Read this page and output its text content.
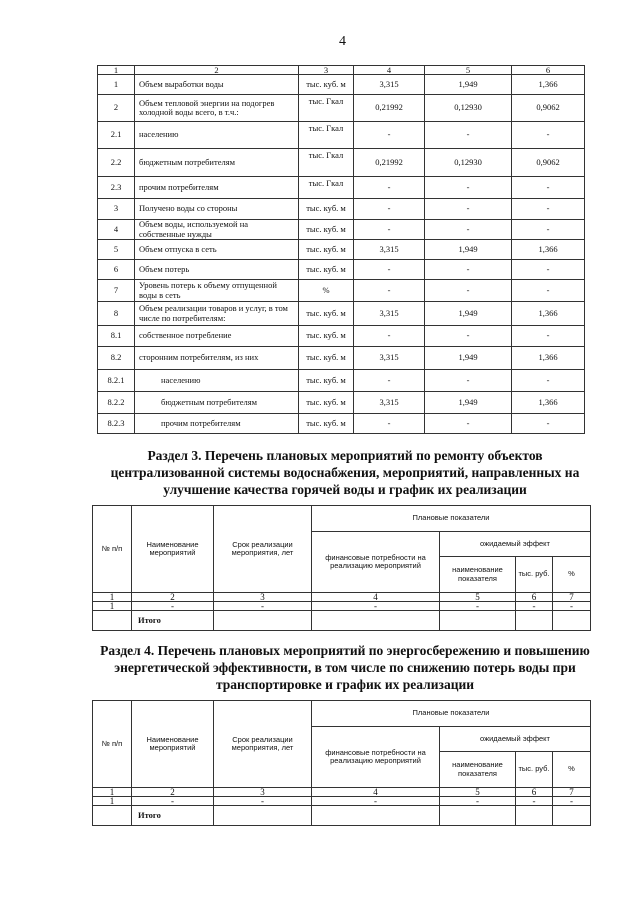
4
1	2	3	4	5	6
1	Объем выработки воды	тыс. куб. м	3,315	1,949	1,366
2	Объем тепловой энергии на подогрев холодной воды всего, в т.ч.:	тыс. Гкал	0,21992	0,12930	0,9062
2.1	населению	тыс. Гкал	-	-	-
2.2	бюджетным потребителям	тыс. Гкал	0,21992	0,12930	0,9062
2.3	прочим потребителям	тыс. Гкал	-	-	-
3	Получено воды со стороны	тыс. куб. м	-	-	-
4	Объем воды, используемой на собственные нужды	тыс. куб. м	-	-	-
5	Объем отпуска в сеть	тыс. куб. м	3,315	1,949	1,366
6	Объем потерь	тыс. куб. м	-	-	-
7	Уровень потерь к объему отпущенной воды в сеть	%	-	-	-
8	Объем реализации товаров и услуг, в том числе по потребителям:	тыс. куб. м	3,315	1,949	1,366
8.1	собственное потребление	тыс. куб. м	-	-	-
8.2	сторонним потребителям, из них	тыс. куб. м	3,315	1,949	1,366
8.2.1	населению	тыс. куб. м	-	-	-
8.2.2	бюджетным потребителям	тыс. куб. м	3,315	1,949	1,366
8.2.3	прочим потребителям	тыс. куб. м	-	-	-
Раздел 3. Перечень плановых мероприятий по ремонту объектов централизованной системы водоснабжения, мероприятий, направленных на улучшение качества горячей воды и график их реализации
№ п/п	Наименование мероприятий	Срок реализации мероприятия, лет	Плановые показатели			
			финансовые потребности на реализацию мероприятий	ожидаемый эффект		
				наименование показателя	тыс. руб.	%
1	2	3	4	5	6	7
1	-	-	-	-	-	-
	Итого					
Раздел 4. Перечень плановых мероприятий по энергосбережению и повышению энергетической эффективности, в том числе по снижению потерь воды при транспортировке и график их реализации
№ п/п	Наименование мероприятий	Срок реализации мероприятия, лет	Плановые показатели			
			финансовые потребности на реализацию мероприятий	ожидаемый эффект		
				наименование показателя	тыс. руб.	%
1	2	3	4	5	6	7
1	-	-	-	-	-	-
	Итого					
